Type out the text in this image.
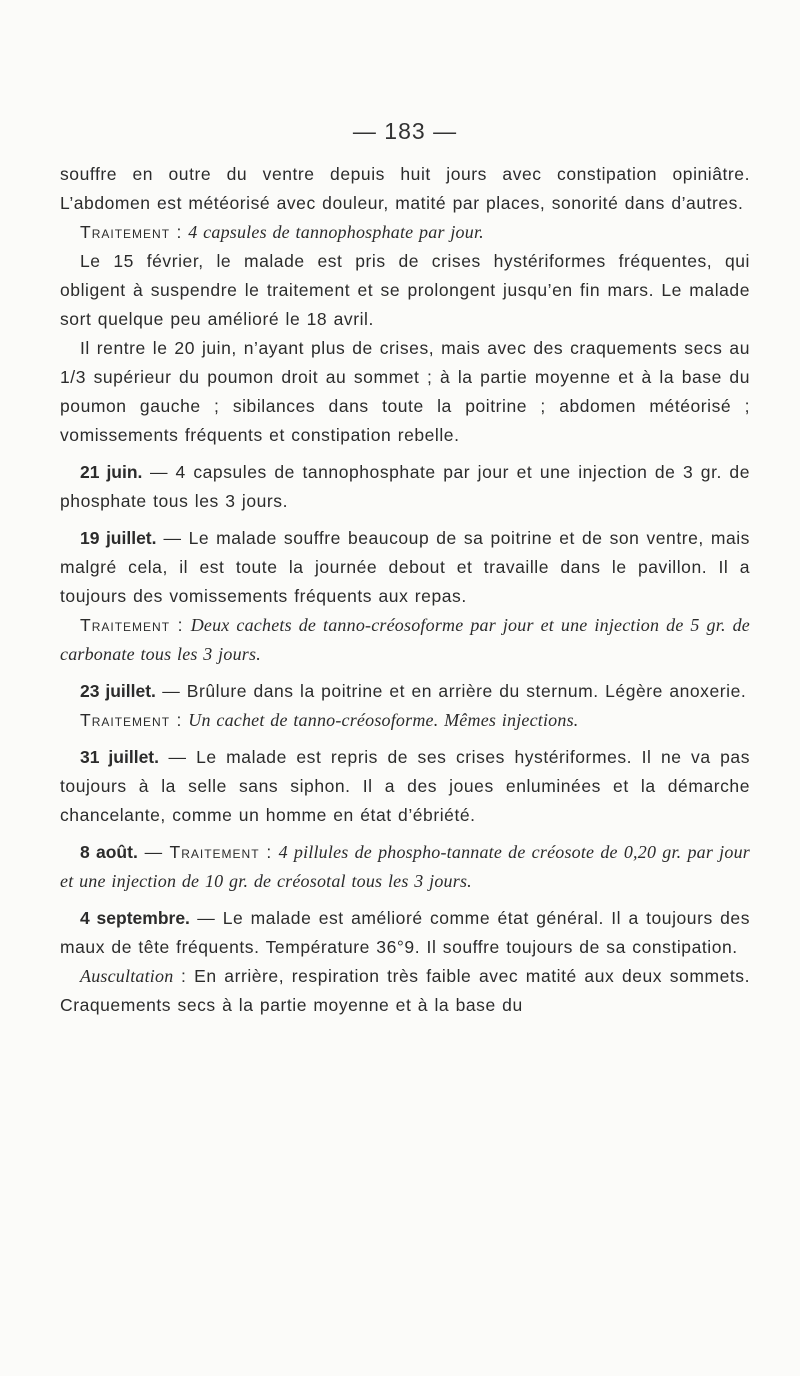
— 183 —

souffre en outre du ventre depuis huit jours avec constipation opiniâtre. L’abdomen est météorisé avec douleur, matité par places, sonorité dans d’autres.

Traitement : 4 capsules de tannophosphate par jour.

Le 15 février, le malade est pris de crises hystériformes fréquentes, qui obligent à suspendre le traitement et se prolongent jusqu’en fin mars. Le malade sort quelque peu amélioré le 18 avril.

Il rentre le 20 juin, n’ayant plus de crises, mais avec des craquements secs au 1/3 supérieur du poumon droit au sommet ; à la partie moyenne et à la base du poumon gauche ; sibilances dans toute la poitrine ; abdomen météorisé ; vomissements fréquents et constipation rebelle.

21 juin. — 4 capsules de tannophosphate par jour et une injection de 3 gr. de phosphate tous les 3 jours.

19 juillet. — Le malade souffre beaucoup de sa poitrine et de son ventre, mais malgré cela, il est toute la journée debout et travaille dans le pavillon. Il a toujours des vomissements fréquents aux repas.

Traitement : Deux cachets de tanno-créosoforme par jour et une injection de 5 gr. de carbonate tous les 3 jours.

23 juillet. — Brûlure dans la poitrine et en arrière du sternum. Légère anoxerie.

Traitement : Un cachet de tanno-créosoforme. Mêmes injections.

31 juillet. — Le malade est repris de ses crises hystériformes. Il ne va pas toujours à la selle sans siphon. Il a des joues enluminées et la démarche chancelante, comme un homme en état d’ébriété.

8 août. — Traitement : 4 pillules de phospho-tannate de créosote de 0,20 gr. par jour et une injection de 10 gr. de créosotal tous les 3 jours.

4 septembre. — Le malade est amélioré comme état général. Il a toujours des maux de tête fréquents. Température 36°9. Il souffre toujours de sa constipation.

Auscultation : En arrière, respiration très faible avec matité aux deux sommets. Craquements secs à la partie moyenne et à la base du
